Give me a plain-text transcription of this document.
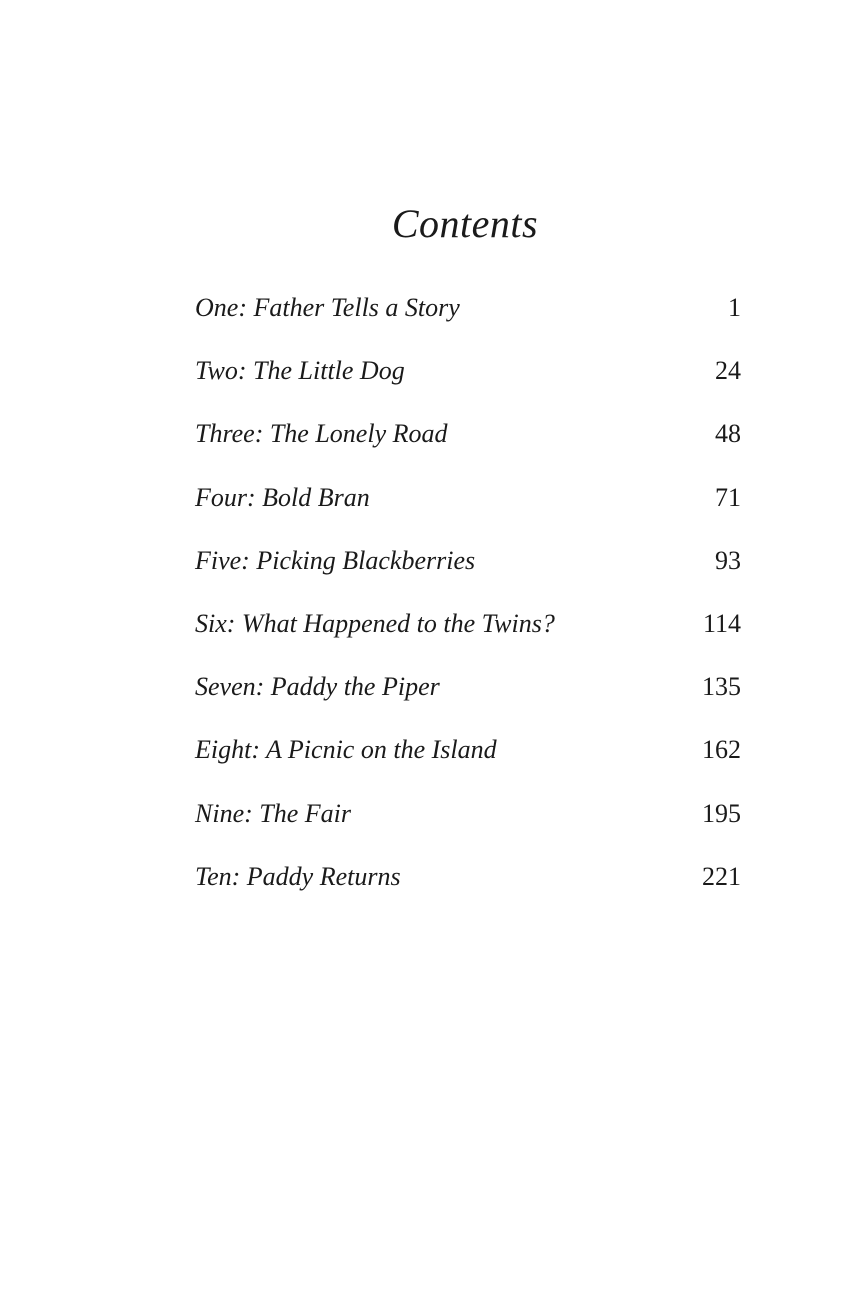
Contents
One: Father Tells a Story	1
Two: The Little Dog	24
Three: The Lonely Road	48
Four: Bold Bran	71
Five: Picking Blackberries	93
Six: What Happened to the Twins?	114
Seven: Paddy the Piper	135
Eight: A Picnic on the Island	162
Nine: The Fair	195
Ten: Paddy Returns	221
